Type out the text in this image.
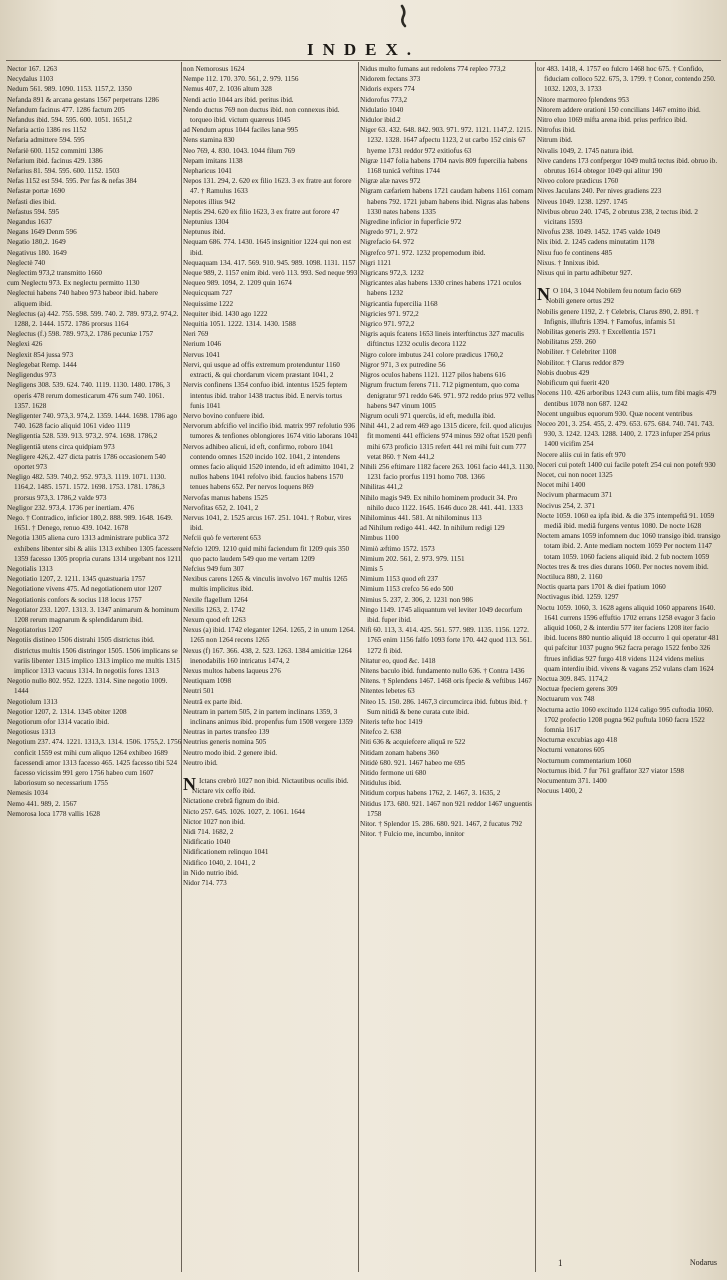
INDEX.

Nector 167. 1263

Necydalus 1103

Nedum 561. 989. 1090. 1153. 1157,2. 1350

Nefanda 891 & arcana gestans 1567 perpetrans 1286

Nefandum facinus 477. 1286 factum 205

Nefandus ibid. 594. 595. 600. 1051. 1651,2

Nefaria actio 1386 res 1152

Nefaria admittere 594. 595

Nefariè 600. 1152 committi 1386

Nefarium ibid. facinus 429. 1386

Nefarius 81. 594. 595. 600. 1152. 1503

Nefas 1152 est 594. 595. Per fas & nefas 384

Nefastæ portæ 1690

Nefasti dies ibid.

Nefastus 594. 595

Negandus 1637

Negans 1649 Denm 596

Negatio 180,2. 1649

Negativus 180. 1649

Neglectè 740

Neglectim 973,2 transmitto 1660

cum Neglectu 973. Ex neglectu permitto 1130

Neglectui habens 740 habeo 973 habeor ibid. habere aliquem ibid.

Neglectus (a) 442. 755. 598. 599. 740. 2. 789. 973,2. 974,2. 1288, 2. 1444. 1572. 1786 prorsus 1164

Neglectus (f.) 598. 789. 973,2. 1786 pecuniæ 1757

Neglexi 426

Neglexit 854 jussa 973

Neglegebat Remp. 1444

Negligendus 973

Negligens 308. 539. 624. 740. 1119. 1130. 1480. 1786, 3 operis 478 rerum domesticarum 476 sum 740. 1061. 1357. 1628

Negligenter 740. 973,3. 974,2. 1359. 1444. 1698. 1786 ago 740. 1628 facio aliquid 1061 video 1119

Negligentia 528. 539. 913. 973,2. 974. 1698. 1786,2

Negligentiâ utens circa quidpiam 973

Negligere 426,2. 427 dicta patris 1786 occasionem 540 oportet 973

Negligo 482. 539. 740,2. 952. 973,3. 1119. 1071. 1130. 1164,2. 1485. 1571. 1572. 1698. 1753. 1781. 1786,3 prorsus 973,3. 1786,2 valde 973

Negligor 232. 973,4. 1736 per inertiam. 476

Nego. † Contradico, inficior 180,2. 888. 989. 1648. 1649. 1651. † Denego, renuo 439. 1042. 1678

Negotia 1305 aliena curo 1313 administrare publica 372 exhibens libenter sibi & aliis 1313 exhibeo 1305 facessere 1359 facesso 1305 propria curans 1314 urgebant nos 1211

Negotialis 1313

Negotiatio 1207, 2. 1211. 1345 quæstuaria 1757

Negotiatione vivens 475. Ad negotiationem utor 1207

Negotiationis confors & socius 118 locus 1757

Negotiator 233. 1207. 1313. 3. 1347 animarum & hominum 1208 rerum magnarum & splendidarum ibid.

Negotiatorius 1207

Negotiis distineo 1506 distrahi 1505 districtus ibid. districtus multis 1506 distringor 1505. 1506 implicans se variis libenter 1315 implico 1313 implico me multis 1315 implicor 1313 vacuus 1314. In negotiis fores 1313

Negotio nullo 802. 952. 1223. 1314. Sine negotio 1009. 1444

Negotiolum 1313

Negotior 1207, 2. 1314. 1345 obiter 1208

Negotiorum ofor 1314 vacatio ibid.

Negotiosus 1313

Negotium 237. 474. 1221. 1313,3. 1314. 1506. 1755,2. 1756 conficit 1559 est mihi cum aliquo 1264 exhibeo 1689 facessendi amor 1313 facesso 465. 1425 facesso tibi 524 facesso vicissim 991 gero 1756 habeo cum 1607 laboriosum so necessarium 1755

Nemesis 1034

Nemo 441. 989, 2. 1567

Nemorosa loca 1778 vallis 1628

non Nemorosus 1624

Nempe 112. 170. 370. 561, 2. 979. 1156

Nemus 407, 2. 1036 altum 328

Nendi actio 1044 ars ibid. peritus ibid.

Nendo ductus 769 non ductus ibid. non connexus ibid. torqueo ibid. victum quæreus 1045

ad Nendum aptus 1044 faciles lanæ 995

Nens stamina 830

Neo 769, 4. 830. 1043. 1044 filum 769

Nepam imitans 1138

Nepharicus 1041

Nepos 131. 294, 2. 620 ex filio 1623. 3 ex fratre aut forore 47. † Ramulus 1633

Nepotes illius 942

Neptis 294. 620 ex filio 1623, 3 ex fratre aut forore 47

Neptunius 1304

Neptunus ibid.

Nequam 686. 774. 1430. 1645 insignitior 1224 qui non est ibid.

Nequaquam 134. 417. 569. 910. 945. 989. 1098. 1131. 1157

Neque 989, 2. 1157 enim ibid. verò 113. 993. Sed neque 993

Nequeo 989. 1094, 2. 1209 quin 1674

Nequicquam 727

Nequissime 1222

Nequiter ibid. 1430 ago 1222

Nequitia 1051. 1222. 1314. 1430. 1588

Neri 769

Nerium 1046

Nervus 1041

Nervi, qui usque ad offis extremum protenduntur 1160 extracti, & qui chordarum vicem præstant 1041, 2

Nervis confinens 1354 confuo ibid. intentus 1525 feptem intentus ibid. trahor 1438 tractus ibid. E nervis tortus funis 1041

Nervo bovino confuere ibid.

Nervorum abfcifio vel incifio ibid. matrix 997 refolutio 936 tumores & tenfiones oblongiores 1674 vitio laborans 1041

Nervos adhibeo alicui, id eft, confirmo, roboro 1041 contendo omnes 1520 incido 102. 1041, 2 intendens omnes facio aliquid 1520 intendo, id eft adimitto 1041, 2 nullos habens 1041 refolvo ibid. faucios habens 1570 tenues habens 652. Per nervos loquens 869

Nervofas manus habens 1525

Nervofitas 652, 2. 1041, 2

Nervus 1041, 2. 1525 arcus 167. 251. 1041. † Robur, vires ibid.

Nefcii quò fe verterent 653

Nefcio 1209. 1210 quid mihi faciendum fit 1209 quis 350 quo pacto laudem 549 quo me vertam 1209

Nefcius 949 fum 307

Nexibus carens 1265 & vinculis involvo 167 multis 1265 multis implicitus ibid.

Nexile flagellum 1264

Nexilis 1263, 2. 1742

Nexum quod eft 1263

Nexus (a) ibid. 1742 eleganter 1264. 1265, 2 in unum 1264. 1265 non 1264 recens 1265

Nexus (f) 167. 366. 438, 2. 523. 1263. 1384 amicitiæ 1264 inenodabilis 160 intricatus 1474, 2

Nexus multos habens laqueus 276

Neutiquam 1098

Neutri 501

Neutrâ ex parte ibid.

Neutram in partem 505, 2 in partem inclinans 1359, 3 inclinans animus ibid. propenfus fum 1508 vergere 1359

Neutras in partes transfeo 139

Neutrius generis nomina 505

Neutro modo ibid. 2 genere ibid.

Neutro ibid.

N Ictans crebrò 1027 non ibid. Nictautibus oculis ibid.

Nictare vix ceffo ibid.

Nictatione crebrâ fignum do ibid.

Nicto 257. 645. 1026. 1027, 2. 1061. 1644

Nictor 1027 non ibid.

Nidi 714. 1682, 2

Nidificatio 1040

Nidificationem relinquo 1041

Nidifico 1040, 2. 1041, 2

in Nido nutrio ibid.

Nidor 714. 773

Nidus multo fumans aut redolens 774 repleo 773,2

Nidorem fectans 373

Nidoris expers 774

Nidorofus 773,2

Nidulatio 1040

Nidulor ibid.2

Niger 63. 432. 648. 842. 903. 971. 972. 1121. 1147,2. 1215. 1232. 1328. 1647 afpectu 1123, 2 ut carbo 152 cinis 67 hyeme 1731 reddor 972 exitiofus 63

Nigræ 1147 folia habens 1704 navis 809 fupercilia habens 1168 tunicâ veftitus 1744

Nigræ alæ naves 972

Nigram cæfariem habens 1721 caudam habens 1161 comam habens 792. 1721 jubam habens ibid. Nigras alas habens 1330 nates habens 1335

Nigredine inficior in fuperficie 972

Nigredo 971, 2. 972

Nigrefacio 64. 972

Nigrefco 971. 972. 1232 propemodum ibid.

Nigri 1121

Nigricans 972,3. 1232

Nigricantes alas habens 1330 crines habens 1721 oculos habens 1232

Nigricantia fupercilia 1168

Nigricies 971. 972,2

Nigrico 971. 972,2

Nigris aquis fcatens 1653 lineis interftinctus 327 maculis diftinctus 1232 oculis decora 1122

Nigro colore imbutus 241 colore prædicus 1760,2

Nigror 971, 3 ex putredine 56

Nigros oculos habens 1121. 1127 pilos habens 616

Nigrum fructum ferens 711. 712 pigmentum, quo coma denigratur 971 reddo 646. 971. 972 reddo prius 972 vellus habens 947 vinum 1005

Nigrum oculi 971 quercûs, id eft, medulla ibid.

Nihil 441, 2 ad rem 469 ago 1315 dicere, fcil. quod alicujus fit momenti 441 efficiens 974 minus 592 oftat 1520 penfi mihi 673 proficio 1315 refert 441 rei mihi fuit cum 777 vetat 860. † Nem 441,2

Nihili 256 eftimare 1182 facere 263. 1061 facio 441,3. 1130. 1231 facio prorfus 1191 homo 708. 1366

Nihilitas 441,2

Nihilo magis 949. Ex nihilo hominem producit 34. Pro nihilo duco 1122. 1645. 1646 duco 28. 441. 441. 1333

Nihilominus 441. 581. At nihilominus 113

ad Nihilum redigo 441. 442. In nihilum redigi 129

Nimbus 1100

Nimiò æftimo 1572. 1573

Nimium 202. 561, 2. 973. 979. 1151

Nimis 5

Nimium 1153 quod eft 237

Nimium 1153 crefco 56 edo 500

Nimius 5. 237, 2. 306, 2. 1231 non 986

Ningo 1149. 1745 aliquantum vel leviter 1049 decorfum ibid. fuper ibid.

Nifi 60. 113, 3. 414. 425. 561. 577. 989. 1135. 1156. 1272. 1765 enim 1156 falfo 1093 forte 170. 442 quod 113. 561. 1272 fi ibid.

Nitatur eo, quod &c. 1418

Nitens baculo ibid. fundamento nullo 636. † Contra 1436

Nitens. † Splendens 1467. 1468 oris fpecie & veftibus 1467

Nitentes lebetes 63

Niteo 15. 150. 286. 1467,3 circumcirca ibid. fubtus ibid. † Sum nitidâ & bene curata cute ibid.

Niteris tefte hoc 1419

Nitefco 2. 638

Niti 636 & acquiefcere aliquâ re 522

Nitidam zonam habens 360

Nitidè 680. 921. 1467 habeo me 695

Nitido fermone uti 680

Nitidulus ibid.

Nitidum corpus habens 1762, 2. 1467, 3. 1635, 2

Nitidus 173. 680. 921. 1467 non 921 reddor 1467 unguentis 1758

Nitor. † Splendor 15. 286. 680. 921. 1467, 2 fucatus 792

Nitor. † Fulcio me, incumbo, innitor

tor 483. 1418, 4. 1757 eo fulcro 1468 hoc 675. † Confido, fiduciam colloco 522. 675, 3. 1799. † Conor, contendo 250. 1032. 1203, 3. 1733

Nitore marmoreo fplendens 953

Nitorem addere orationi 150 concilians 1467 emitto ibid.

Nitro eluo 1069 mifta arena ibid. prius perfrico ibid.

Nitrofus ibid.

Nitrum ibid.

Nivalis 1049, 2. 1745 natura ibid.

Nive candens 173 confpergor 1049 multâ tectus ibid. obruo ib. obrutus 1614 obtegor 1049 qui alitur 190

Niveo colore prædicus 1760

Nives Jaculans 240. Per nives gradiens 223

Niveus 1049. 1238. 1297. 1745

Nivibus obruo 240. 1745, 2 obrutus 238, 2 tectus ibid. 2 vicitans 1593

Nivofus 238. 1049. 1452. 1745 valde 1049

Nix ibid. 2. 1245 cadens minutatim 1178

Nixu fuo fe continens 485

Nixus. † Innixus ibid.

Nixus qui in partu adhibetur 927.

N O 104, 3 1044 Nobilem feu notum facio 669

Nobili genere ortus 292

Nobilis genere 1192, 2. † Celebris, Clarus 890, 2. 891. † Infignis, illuftris 1394. † Famofus, infamis 51

Nobilitas generis 293. † Excellentia 1571

Nobilitatus 259. 260

Nobiliter. † Celebriter 1108

Nobilitor. † Clarus reddor 879

Nobis duobus 429

Nobificum qui fuerit 420

Nocens 110. 426 arboribus 1243 cum aliis, tum fibi magis 479 dentibus 1078 non 687. 1242

Nocent unguibus equorum 930. Quæ nocent ventribus

Noceo 201, 3. 254. 455, 2. 479. 653. 675. 684. 740. 741. 743. 930, 3. 1242. 1243. 1288. 1400, 2. 1723 infuper 254 prius 1400 vicifim 254

Nocere aliis cui in fatis eft 970

Noceri cui poteft 1400 cui facile poteft 254 cui non poteft 930

Nocet, cui non nocet 1325

Nocet mihi 1400

Nocivum pharmacum 371

Nocivus 254, 2. 371

Nocte 1059. 1060 ea ipfa ibid. & die 375 intempeftâ 91. 1059 mediâ ibid. mediâ furgens ventus 1080. De nocte 1628

Noctem amans 1059 infomnem duc 1060 transigo ibid. transigo totam ibid. 2. Ante mediam noctem 1059 Per noctem 1147 totam 1059. 1060 faciens aliquid ibid. 2 fub noctem 1059

Noctes tres & tres dies durans 1060. Per noctes novem ibid.

Noctiluca 880, 2. 1160

Noctis quarta pars 1701 & diei fpatium 1060

Noctivagus ibid. 1259. 1297

Noctu 1059. 1060, 3. 1628 agens aliquid 1060 apparens 1640. 1641 currens 1596 effuftio 1702 errans 1258 evagor 3 facio aliquid 1060, 2 & interdiu 577 iter faciens 1208 iter facio ibid. lucens 880 nuntio aliquid 18 occurro 1 qui operatur 481 qui pafcitur 1037 pugno 962 facra perago 1522 fenbo 326 ftrues infidias 927 furgo 418 videns 1124 videns melius quam interdiu ibid. vivens & vagans 252 vulans clam 1624

Noctua 309. 845. 1174,2

Noctuæ fpeciem gerens 309

Noctuarum vox 748

Nocturna actio 1060 excitudo 1124 caligo 995 cuftodia 1060. 1702 profectio 1208 pugna 962 puftula 1060 facra 1522 fomnia 1617

Nocturnæ excubias ago 418

Nocturni venatores 605

Nocturnum commentarium 1060

Nocturnus ibid. 7 fur 761 graffator 327 viator 1598

Nocumentum 371. 1400

Nocuus 1400, 2

1	Nodarus
